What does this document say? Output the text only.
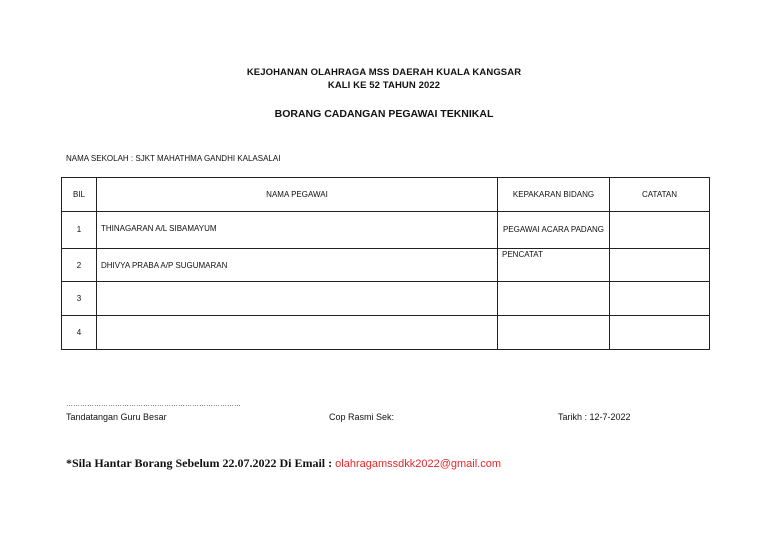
KEJOHANAN OLAHRAGA MSS DAERAH KUALA KANGSAR
KALI KE 52 TAHUN 2022
BORANG CADANGAN PEGAWAI TEKNIKAL
NAMA SEKOLAH : SJKT MAHATHMA GANDHI KALASALAI
BIL	NAMA PEGAWAI	KEPAKARAN BIDANG	CATATAN
1	THINAGARAN A/L SIBAMAYUM	PEGAWAI ACARA PADANG	
2	DHIVYA PRABA A/P SUGUMARAN	PENCATAT	
3			
4			
…………………………………………………………………
Tandatangan Guru Besar	Cop Rasmi Sek:	Tarikh : 12-7-2022
*Sila Hantar Borang Sebelum 22.07.2022 Di Email : olahragamssdkk2022@gmail.com
